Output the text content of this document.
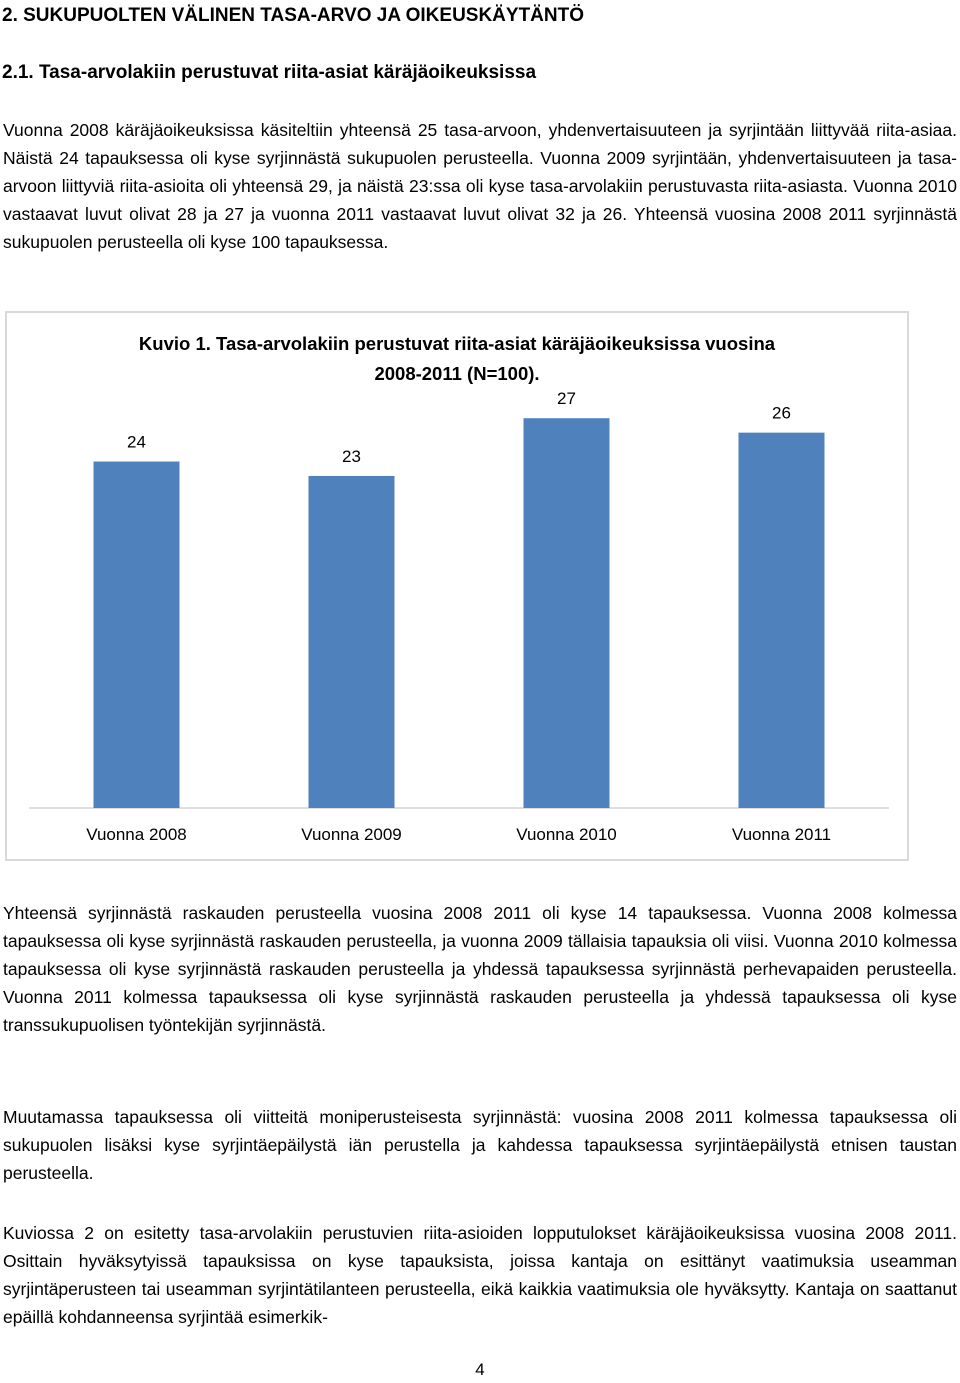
2. SUKUPUOLTEN VÄLINEN TASA-ARVO JA OIKEUSKÄYTÄNTÖ
2.1. Tasa-arvolakiin perustuvat riita-asiat käräjäoikeuksissa
Vuonna 2008 käräjäoikeuksissa käsiteltiin yhteensä 25 tasa-arvoon, yhdenvertaisuuteen ja syrjintään liittyvää riita-asiaa. Näistä 24 tapauksessa oli kyse syrjinnästä sukupuolen perusteella. Vuonna 2009 syrjintään, yhdenvertaisuuteen ja tasa-arvoon liittyviä riita-asioita oli yhteensä 29, ja näistä 23:ssa oli kyse tasa-arvolakiin perustuvasta riita-asiasta. Vuonna 2010 vastaavat luvut olivat 28 ja 27 ja vuonna 2011 vastaavat luvut olivat 32 ja 26. Yhteensä vuosina 2008 2011 syrjinnästä sukupuolen perusteella oli kyse 100 tapauksessa.
Kuvio 1. Tasa-arvolakiin perustuvat riita-asiat käräjäoikeuksissa vuosina
2008-2011 (N=100).
24
Vuonna 2008
23
Vuonna 2009
27
Vuonna 2010
26
Vuonna 2011
Yhteensä syrjinnästä raskauden perusteella vuosina 2008 2011 oli kyse 14 tapauksessa. Vuonna 2008 kolmessa tapauksessa oli kyse syrjinnästä raskauden perusteella, ja vuonna 2009 tällaisia tapauksia oli viisi. Vuonna 2010 kolmessa tapauksessa oli kyse syrjinnästä raskauden perusteella ja yhdessä tapauksessa syrjinnästä perhevapaiden perusteella. Vuonna 2011 kolmessa tapauksessa oli kyse syrjinnästä raskauden perusteella ja yhdessä tapauksessa oli kyse transsukupuolisen työntekijän syrjinnästä.
Muutamassa tapauksessa oli viitteitä moniperusteisesta syrjinnästä: vuosina 2008 2011 kolmessa tapauksessa oli sukupuolen lisäksi kyse syrjintäepäilystä iän perustella ja kahdessa tapauksessa syrjintäepäilystä etnisen taustan perusteella.
Kuviossa 2 on esitetty tasa-arvolakiin perustuvien riita-asioiden lopputulokset käräjäoikeuksissa vuosina 2008 2011. Osittain hyväksytyissä tapauksissa on kyse tapauksista, joissa kantaja on esittänyt vaatimuksia useamman syrjintäperusteen tai useamman syrjintätilanteen perusteella, eikä kaikkia vaatimuksia ole hyväksytty. Kantaja on saattanut epäillä kohdanneensa syrjintää esimerkik-
4
